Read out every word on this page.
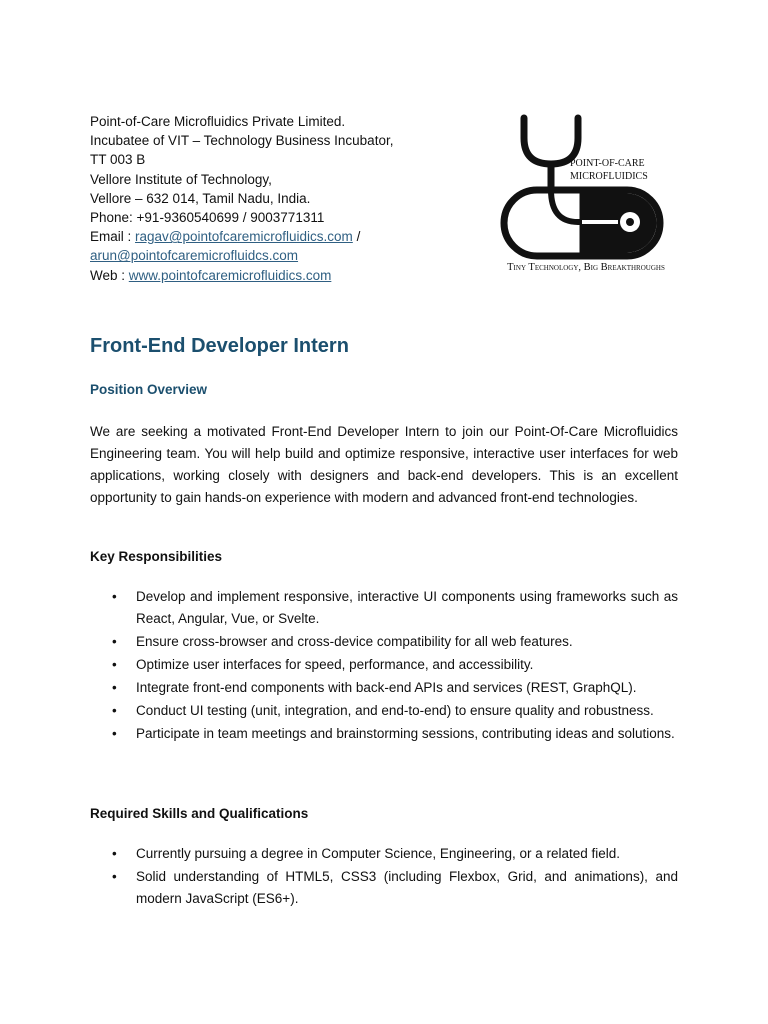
Point-of-Care Microfluidics Private Limited.
Incubatee of VIT – Technology Business Incubator,
TT 003 B
Vellore Institute of Technology,
Vellore – 632 014, Tamil Nadu, India.
Phone: +91-9360540699 / 9003771311
Email : ragav@pointofcaremicrofluidics.com /
arun@pointofcaremicrofluidcs.com
Web : www.pointofcaremicrofluidics.com
POINT-OF-CARE
MICROFLUIDICS
Tiny Technology, Big Breakthroughs
Front-End Developer Intern
Position Overview

We are seeking a motivated Front-End Developer Intern to join our Point-Of-Care Microfluidics Engineering team. You will help build and optimize responsive, interactive user interfaces for web applications, working closely with designers and back-end developers. This is an excellent opportunity to gain hands-on experience with modern and advanced front-end technologies.

Key Responsibilities
• Develop and implement responsive, interactive UI components using frameworks such as React, Angular, Vue, or Svelte.
• Ensure cross-browser and cross-device compatibility for all web features.
• Optimize user interfaces for speed, performance, and accessibility.
• Integrate front-end components with back-end APIs and services (REST, GraphQL).
• Conduct UI testing (unit, integration, and end-to-end) to ensure quality and robustness.
• Participate in team meetings and brainstorming sessions, contributing ideas and solutions.
Required Skills and Qualifications
• Currently pursuing a degree in Computer Science, Engineering, or a related field.
• Solid understanding of HTML5, CSS3 (including Flexbox, Grid, and animations), and modern JavaScript (ES6+).
